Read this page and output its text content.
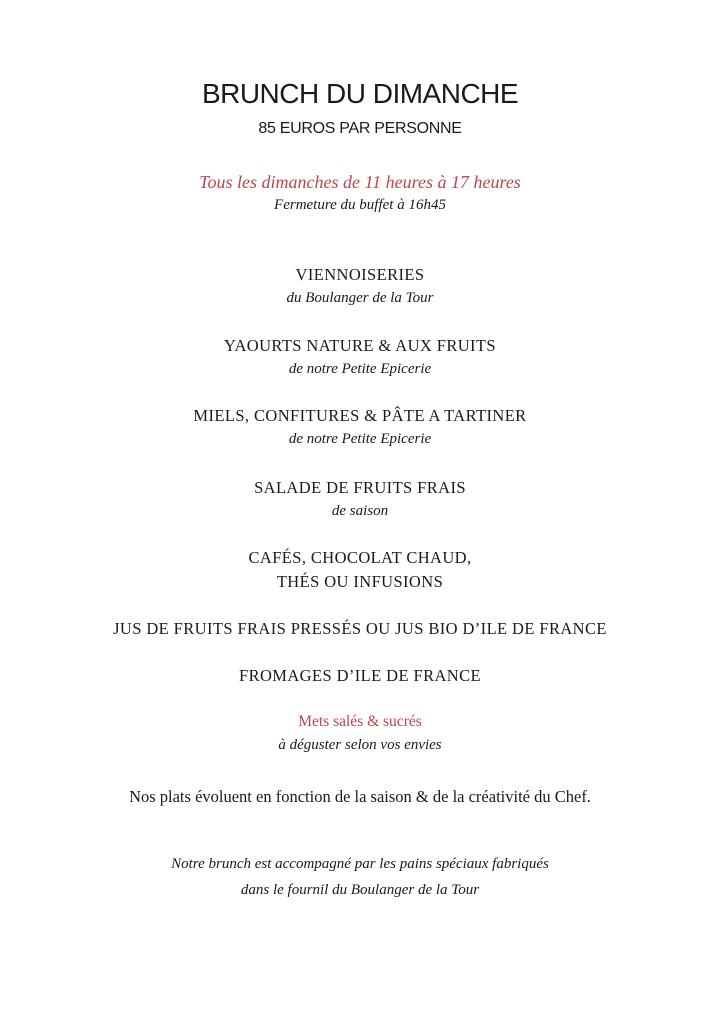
BRUNCH DU DIMANCHE
85 EUROS PAR PERSONNE
Tous les dimanches de 11 heures à 17 heures
Fermeture du buffet à 16h45
VIENNOISERIES
du Boulanger de la Tour
YAOURTS NATURE & AUX FRUITS
de notre Petite Epicerie
MIELS, CONFITURES & PÂTE A TARTINER
de notre Petite Epicerie
SALADE DE FRUITS FRAIS
de saison
CAFÉS, CHOCOLAT CHAUD,
THÉS OU INFUSIONS
JUS DE FRUITS FRAIS PRESSÉS OU JUS BIO D’ILE DE FRANCE
FROMAGES D’ILE DE FRANCE
Mets salés & sucrés
à déguster selon vos envies
Nos plats évoluent en fonction de la saison & de la créativité du Chef.
Notre brunch est accompagné par les pains spéciaux fabriqués
dans le fournil du Boulanger de la Tour
